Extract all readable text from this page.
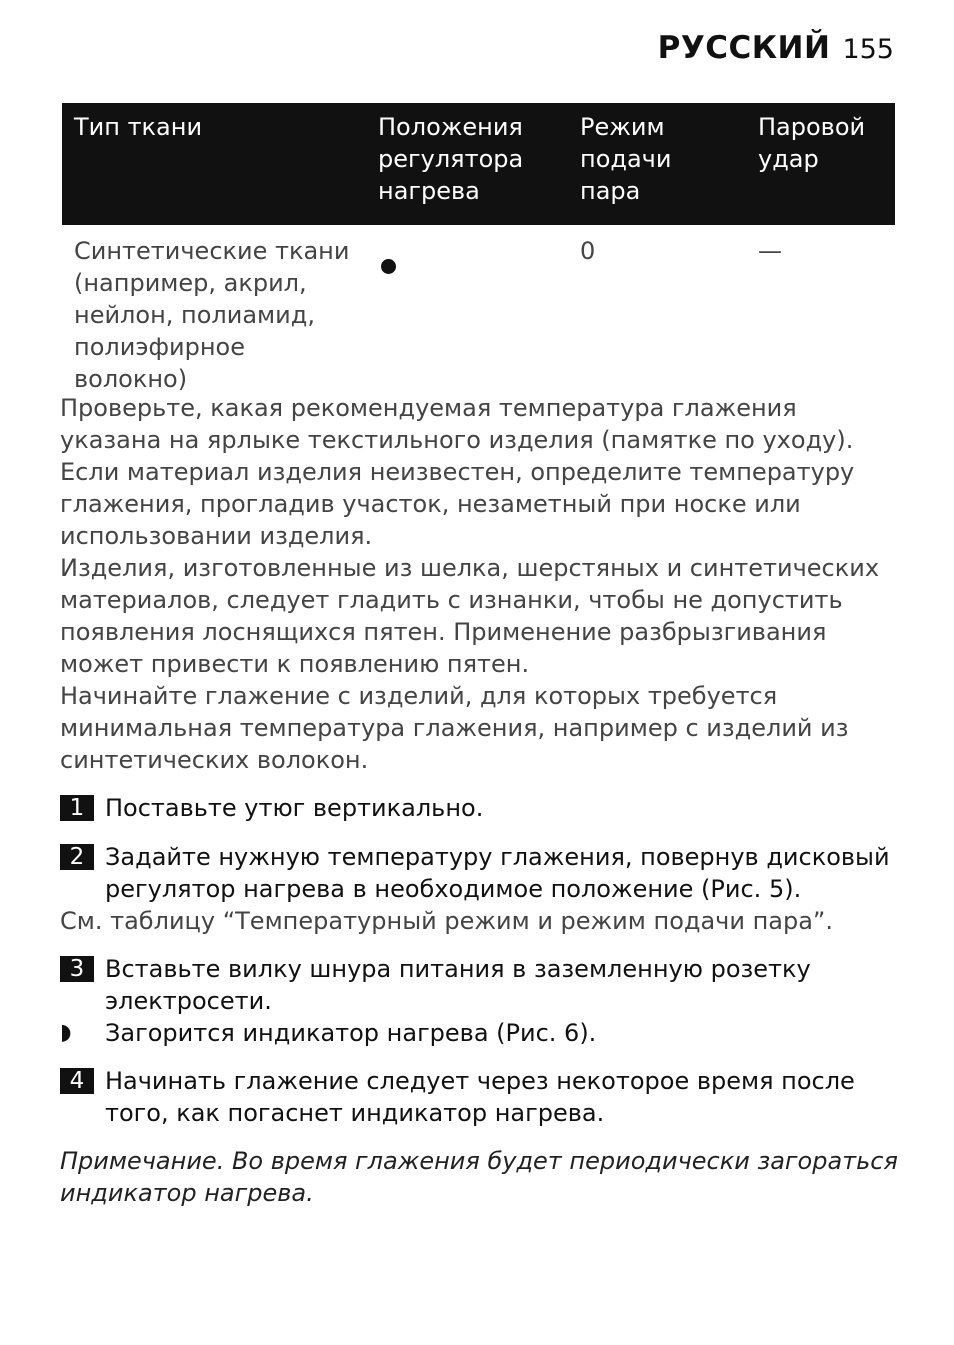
РУССКИЙ 155
Тип ткани	Положения регулятора нагрева	Режим подачи пара	Паровой удар
Синтетические ткани (например, акрил, нейлон, полиамид, полиэфирное волокно)		0	—

Проверьте, какая рекомендуемая температура глажения указана на ярлыке текстильного изделия (памятке по уходу).

Если материал изделия неизвестен, определите температуру глажения, прогладив участок, незаметный при носке или использовании изделия.

Изделия, изготовленные из шелка, шерстяных и синтетических материалов, следует гладить с изнанки, чтобы не допустить появления лоснящихся пятен. Применение разбрызгивания может привести к появлению пятен.

Начинайте глажение с изделий, для которых требуется минимальная температура глажения, например с изделий из синтетических волокон.

1 Поставьте утюг вертикально.
2 Задайте нужную температуру глажения, повернув дисковый регулятор нагрева в необходимое положение (Рис. 5).
См. таблицу “Температурный режим и режим подачи пара”.
3 Вставьте вилку шнура питания в заземленную розетку электросети.
◗	Загорится индикатор нагрева (Рис. 6).
4 Начинать глажение следует через некоторое время после того, как погаснет индикатор нагрева.
Примечание. Во время глажения будет периодически загораться индикатор нагрева.
